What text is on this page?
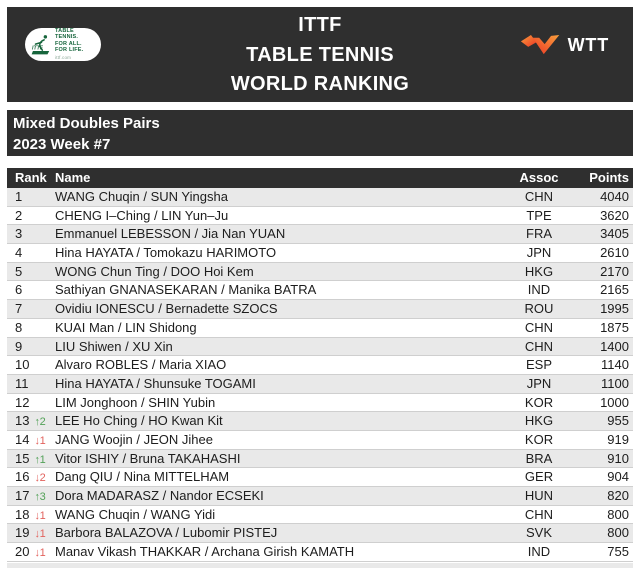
ITTF
TABLE TENNIS
WORLD RANKING
ITTF
TABLE TENNIS.
FOR ALL.
FOR LIFE.
ittf.com
WTT
Mixed Doubles Pairs
2023 Week #7
Rank Name	Assoc	Points
1	WANG Chuqin / SUN Yingsha	CHN	4040
2	CHENG I–Ching / LIN Yun–Ju	TPE	3620
3	Emmanuel LEBESSON / Jia Nan YUAN	FRA	3405
4	Hina HAYATA / Tomokazu HARIMOTO	JPN	2610
5	WONG Chun Ting / DOO Hoi Kem	HKG	2170
6	Sathiyan GNANASEKARAN / Manika BATRA	IND	2165
7	Ovidiu IONESCU / Bernadette SZOCS	ROU	1995
8	KUAI Man / LIN Shidong	CHN	1875
9	LIU Shiwen / XU Xin	CHN	1400
10	Alvaro ROBLES / Maria XIAO	ESP	1140
11	Hina HAYATA / Shunsuke TOGAMI	JPN	1100
12	LIM Jonghoon / SHIN Yubin	KOR	1000
13 ↑2 LEE Ho Ching / HO Kwan Kit	HKG	955
14 ↓1 JANG Woojin / JEON Jihee	KOR	919
15 ↑1 Vitor ISHIY / Bruna TAKAHASHI	BRA	910
16 ↓2 Dang QIU / Nina MITTELHAM	GER	904
17 ↑3 Dora MADARASZ / Nandor ECSEKI	HUN	820
18 ↓1 WANG Chuqin / WANG Yidi	CHN	800
19 ↓1 Barbora BALAZOVA / Lubomir PISTEJ	SVK	800
20 ↓1 Manav Vikash THAKKAR / Archana Girish KAMATH	IND	755
